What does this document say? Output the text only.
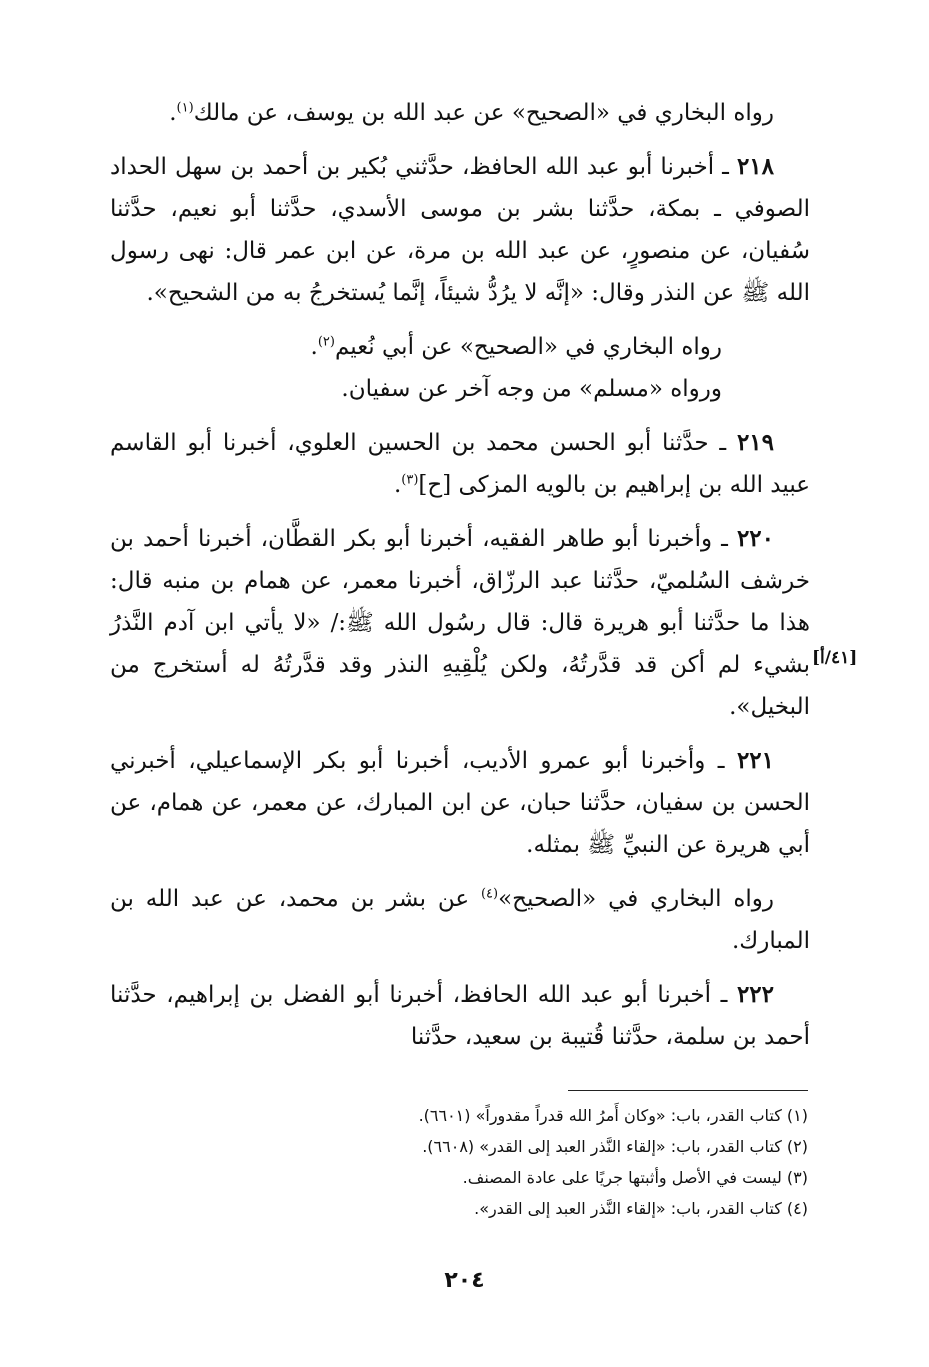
رواه البخاري في «الصحيح» عن عبد الله بن يوسف، عن مالك$^{(١)}$.

٢١٨ ـ أخبرنا أبو عبد الله الحافظ، حدَّثني بُكير بن أحمد بن سهل الحداد الصوفي ـ بمكة، حدَّثنا بشر بن موسى الأسدي، حدَّثنا أبو نعيم، حدَّثنا سُفيان، عن منصورٍ، عن عبد الله بن مرة، عن ابن عمر قال: نهى رسول الله ﷺ عن النذر وقال: «إنَّه لا يرُدُّ شيئاً، إنَّما يُستخرجُ به من الشحيح».

رواه البخاري في «الصحيح» عن أبي نُعيم$^{(٢)}$.

ورواه «مسلم» من وجه آخر عن سفيان.

٢١٩ ـ حدَّثنا أبو الحسن محمد بن الحسين العلوي، أخبرنا أبو القاسم عبيد الله بن إبراهيم بن بالويه المزكى [ح]$^{(٣)}$.

٢٢٠ ـ وأخبرنا أبو طاهر الفقيه، أخبرنا أبو بكر القطَّان، أخبرنا أحمد بن خرشف السُلميّ، حدَّثنا عبد الرزّاق، أخبرنا معمر، عن همام بن منبه قال: هذا ما حدَّثنا أبو هريرة قال: قال رسُول الله ﷺ:/ «لا يأتي ابن آدم النَّذرُ بشيء لم أكن قد قدَّرتُهُ، ولكن يُلْقِيهِ النذر وقد قدَّرتُهُ له أستخرج من البخيل».

٢٢١ ـ وأخبرنا أبو عمرو الأديب، أخبرنا أبو بكر الإسماعيلي، أخبرني الحسن بن سفيان، حدَّثنا حبان، عن ابن المبارك، عن معمر، عن همام، عن أبي هريرة عن النبيِّ ﷺ بمثله.

رواه البخاري في «الصحيح»$^{(٤)}$ عن بشر بن محمد، عن عبد الله بن المبارك.

٢٢٢ ـ أخبرنا أبو عبد الله الحافظ، أخبرنا أبو الفضل بن إبراهيم، حدَّثنا أحمد بن سلمة، حدَّثنا قُتيبة بن سعيد، حدَّثنا

[٤١/أ]

(١) كتاب القدر، باب: «وكان أَمرُ الله قدراً مقدوراً» (٦٦٠١).

(٢) كتاب القدر، باب: «إلقاء النَّذر العبد إلى القدر» (٦٦٠٨).

(٣) ليست في الأصل وأثبتها جريًا على عادة المصنف.

(٤) كتاب القدر، باب: «إلقاء النَّذر العبد إلى القدر».

٢٠٤
